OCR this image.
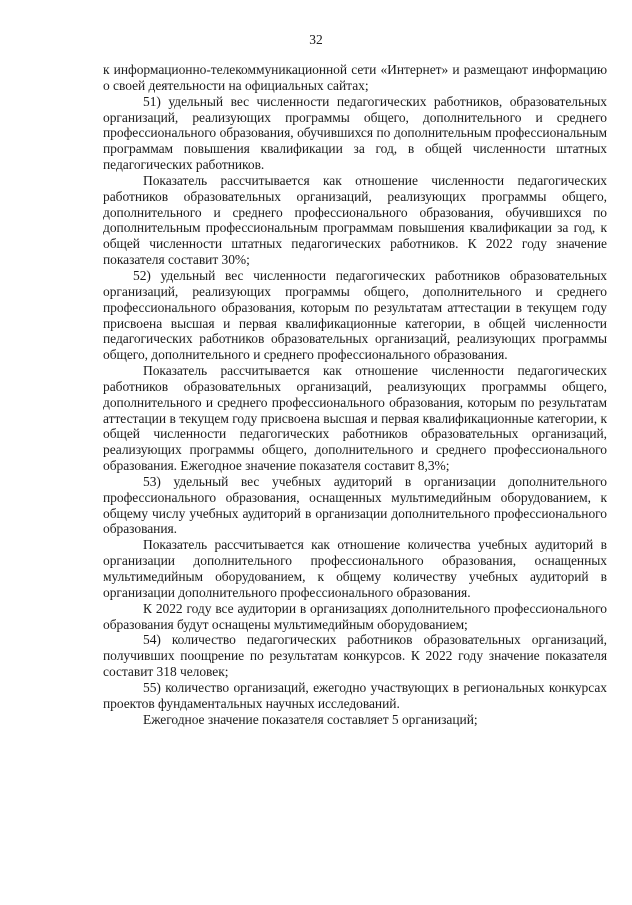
32

к информационно-телекоммуникационной сети «Интернет» и размещают информацию о своей деятельности на официальных сайтах;

51) удельный вес численности педагогических работников, образовательных организаций, реализующих программы общего, дополнительного и среднего профессионального образования, обучившихся по дополнительным профессиональным программам повышения квалификации за год, в общей численности штатных педагогических работников.

Показатель рассчитывается как отношение численности педагогических работников образовательных организаций, реализующих программы общего, дополнительного и среднего профессионального образования, обучившихся по дополнительным профессиональным программам повышения квалификации за год, к общей численности штатных педагогических работников. К 2022 году значение показателя составит 30%;

52) удельный вес численности педагогических работников образовательных организаций, реализующих программы общего, дополнительного и среднего профессионального образования, которым по результатам аттестации в текущем году присвоена высшая и первая квалификационные категории, в общей численности педагогических работников образовательных организаций, реализующих программы общего, дополнительного и среднего профессионального образования.

Показатель рассчитывается как отношение численности педагогических работников образовательных организаций, реализующих программы общего, дополнительного и среднего профессионального образования, которым по результатам аттестации в текущем году присвоена высшая и первая квалификационные категории, к общей численности педагогических работников образовательных организаций, реализующих программы общего, дополнительного и среднего профессионального образования. Ежегодное значение показателя составит 8,3%;

53) удельный вес учебных аудиторий в организации дополнительного профессионального образования, оснащенных мультимедийным оборудованием, к общему числу учебных аудиторий в организации дополнительного профессионального образования.

Показатель рассчитывается как отношение количества учебных аудиторий в организации дополнительного профессионального образования, оснащенных мультимедийным оборудованием, к общему количеству учебных аудиторий в организации дополнительного профессионального образования.

К 2022 году все аудитории в организациях дополнительного профессионального образования будут оснащены мультимедийным оборудованием;

54) количество педагогических работников образовательных организаций, получивших поощрение по результатам конкурсов. К 2022 году значение показателя составит 318 человек;

55) количество организаций, ежегодно участвующих в региональных конкурсах проектов фундаментальных научных исследований.

Ежегодное значение показателя составляет 5 организаций;
